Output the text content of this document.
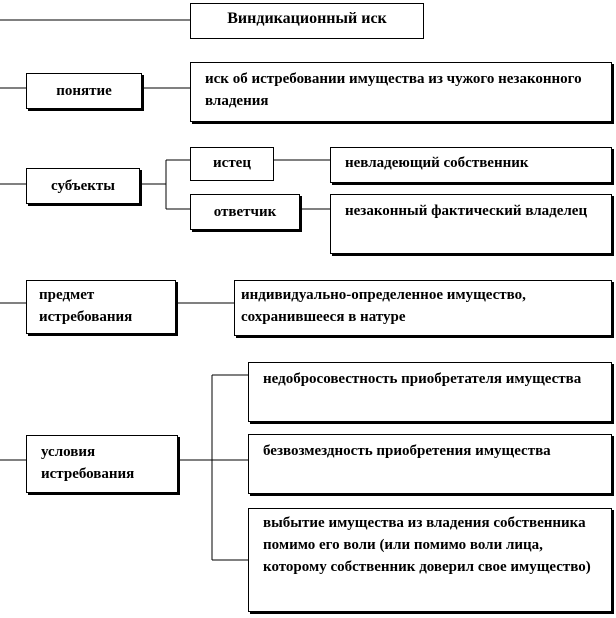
Виндикационный иск
понятие
иск об истребовании имущества из чужого незаконного владения
субъекты
истец	невладеющий собственник
ответчик	незаконный фактический владелец
предмет истребования
индивидуально-определенное имущество, сохранившееся в натуре
условия истребования
недобросовестность приобретателя имущества
безвозмездность приобретения имущества
выбытие имущества из владения собственника помимо его воли (или помимо воли лица, которому собственник доверил свое имущество)
